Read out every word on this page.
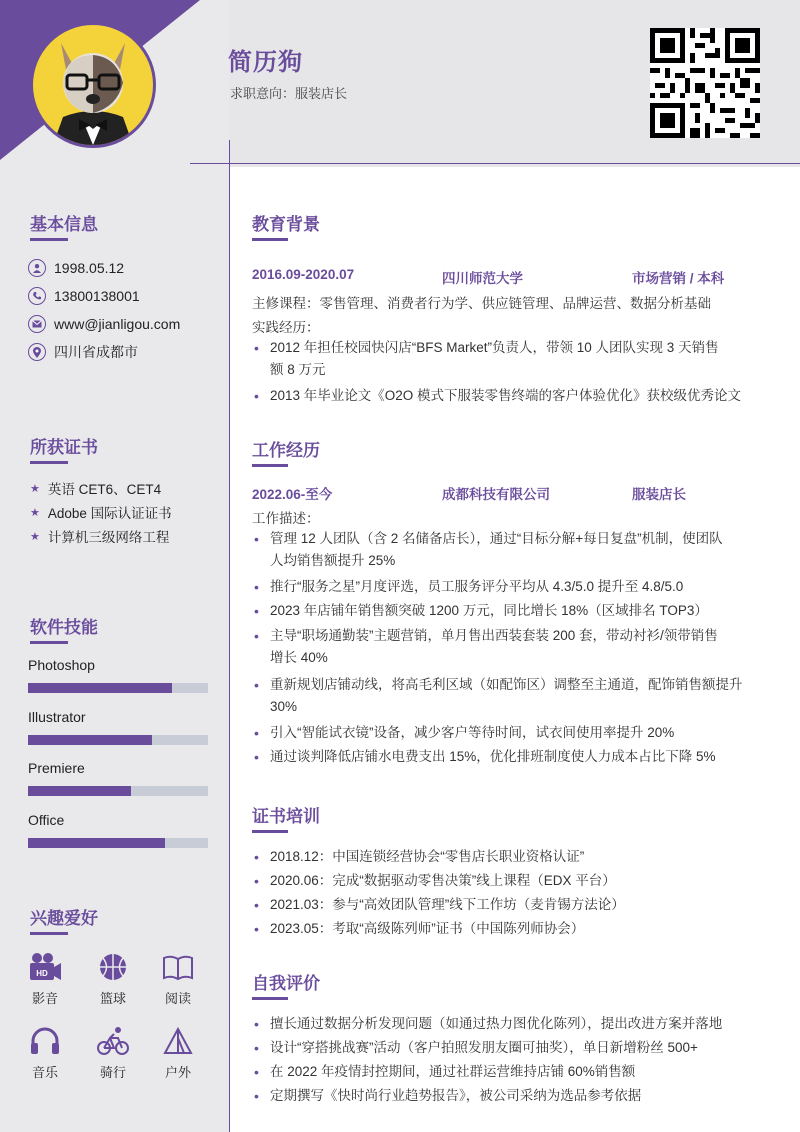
简历狗
求职意向：服装店长
基本信息
1998.05.12
13800138001
www@jianligou.com
四川省成都市
所获证书
★ 英语 CET6、CET4
★ Adobe 国际认证证书
★ 计算机三级网络工程
软件技能
Photoshop
Illustrator
Premiere
Office
兴趣爱好
HD
影音	篮球	阅读
音乐	骑行	户外
教育背景
2016.09-2020.07	四川师范大学	市场营销 / 本科
主修课程：零售管理、消费者行为学、供应链管理、品牌运营、数据分析基础
实践经历：
• 2012 年担任校园快闪店“BFS Market”负责人，带领 10 人团队实现 3 天销售
额 8 万元
• 2013 年毕业论文《O2O 模式下服装零售终端的客户体验优化》获校级优秀论文
工作经历
2022.06-至今	成都科技有限公司	服装店长
工作描述：
• 管理 12 人团队（含 2 名储备店长），通过“目标分解+每日复盘”机制，使团队
人均销售额提升 25%
• 推行“服务之星”月度评选，员工服务评分平均从 4.3/5.0 提升至 4.8/5.0
• 2023 年店铺年销售额突破 1200 万元，同比增长 18%（区域排名 TOP3）
• 主导“职场通勤装”主题营销，单月售出西装套装 200 套，带动衬衫/领带销售
增长 40%
• 重新规划店铺动线，将高毛利区域（如配饰区）调整至主通道，配饰销售额提升
30%
• 引入“智能试衣镜”设备，减少客户等待时间，试衣间使用率提升 20%
• 通过谈判降低店铺水电费支出 15%，优化排班制度使人力成本占比下降 5%
证书培训
• 2018.12：中国连锁经营协会“零售店长职业资格认证”
• 2020.06：完成“数据驱动零售决策”线上课程（EDX 平台）
• 2021.03：参与“高效团队管理”线下工作坊（麦肯锡方法论）
• 2023.05：考取“高级陈列师”证书（中国陈列师协会）
自我评价
• 擅长通过数据分析发现问题（如通过热力图优化陈列），提出改进方案并落地
• 设计“穿搭挑战赛”活动（客户拍照发朋友圈可抽奖），单日新增粉丝 500+
• 在 2022 年疫情封控期间，通过社群运营维持店铺 60%销售额
• 定期撰写《快时尚行业趋势报告》，被公司采纳为选品参考依据
